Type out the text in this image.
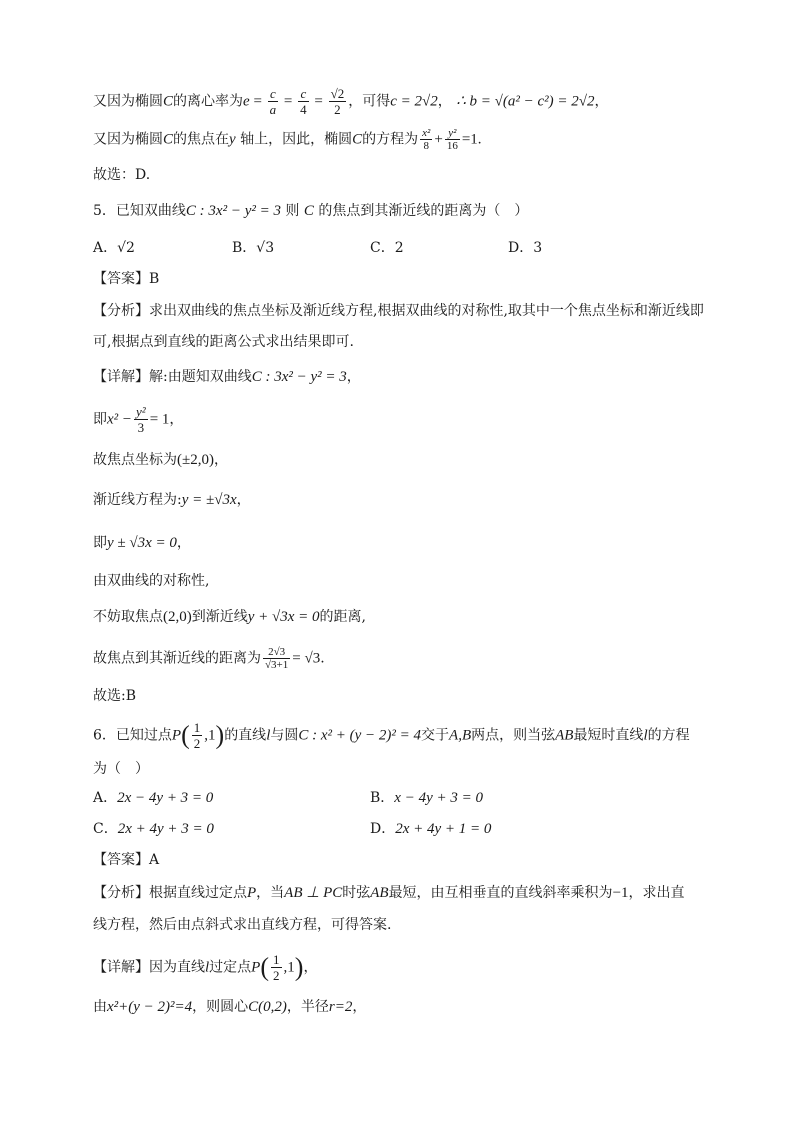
又因为椭圆C的离心率为$e = \frac{c}{a} = \frac{c}{4} = \frac{√2}{2}$ ，可得c = 2√2， ∴ b = √(a² − c²) = 2√2，
又因为椭圆C的焦点在y 轴上，因此，椭圆C的方程为 $\frac{\text{x²}}{8} + \frac{\text{y²}}{16} =1$.
故选：D.
5．已知双曲线C : 3x² − y² = 3 则 C 的焦点到其渐近线的距离为（　）
A．√2	B．√3	C．2	D．3
【答案】B
【分析】求出双曲线的焦点坐标及渐近线方程,根据双曲线的对称性,取其中一个焦点坐标和渐近线即
可,根据点到直线的距离公式求出结果即可.
【详解】解:由题知双曲线C : 3x² − y² = 3，
即$x^2 - \frac{\text{y²}}{3} = 1$，
故焦点坐标为(±2,0)，
渐近线方程为:y = ±√3x，
即y ± √3x = 0，
由双曲线的对称性,
不妨取焦点(2,0)到渐近线y + √3x = 0的距离,
故焦点到其渐近线的距离为 $\frac{2√3}{√3+1} = √3$.
故选:B
6．已知过点$P( \frac{1}{2} ,1)$的直线l与圆C : x² + (y − 2)² = 4交于A,B两点，则当弦AB最短时直线l的方程
为（　）
A．2x − 4y + 3 = 0	B．x − 4y + 3 = 0
C．2x + 4y + 3 = 0	D．2x + 4y + 1 = 0
【答案】A
【分析】根据直线过定点P，当AB ⊥ PC时弦AB最短，由互相垂直的直线斜率乘积为−1，求出直
线方程，然后由点斜式求出直线方程，可得答案.
【详解】因为直线l过定点$P( \frac{1}{2} ,1)$，
由x²+(y − 2)²=4，则圆心C(0,2)，半径r=2，
